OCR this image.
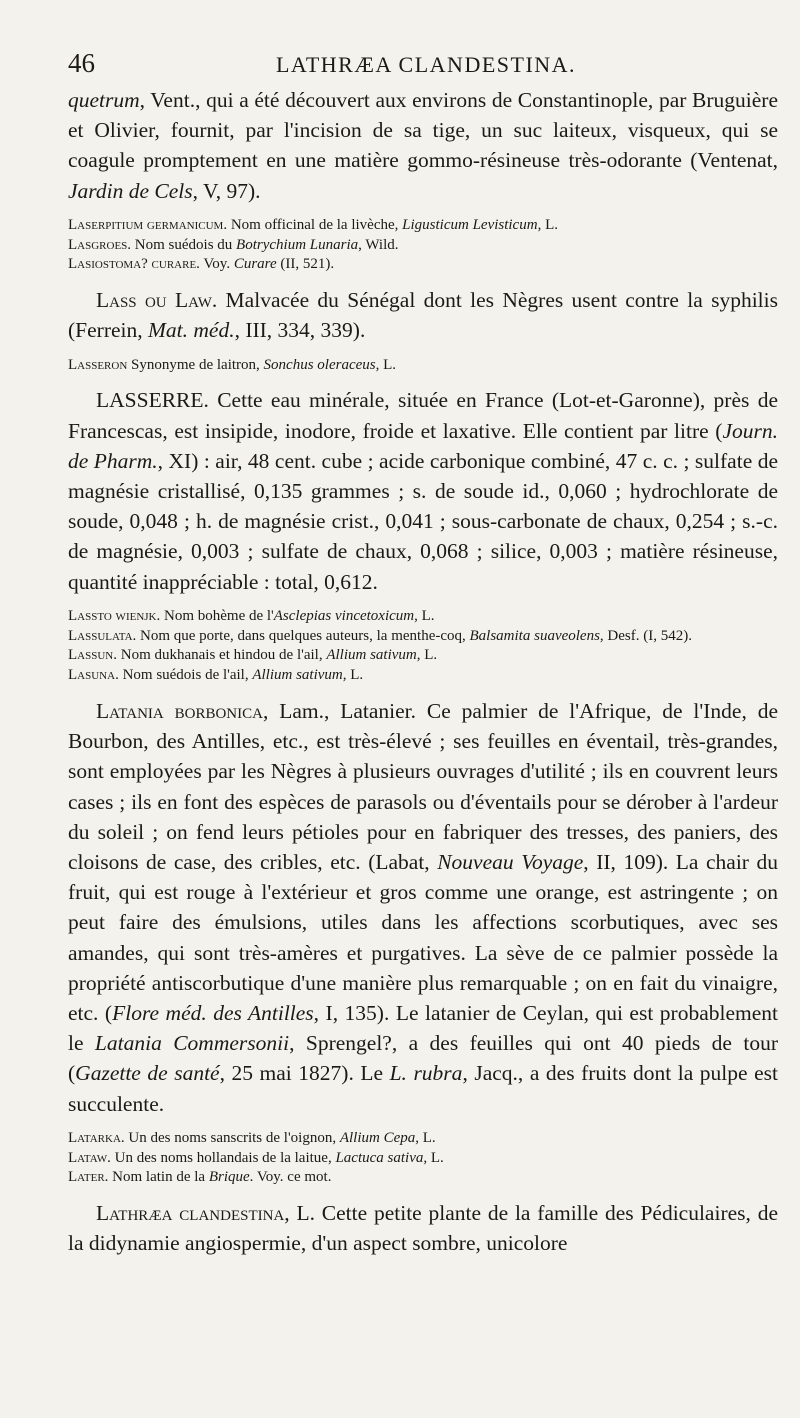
46	LATHRÆA CLANDESTINA.

quetrum, Vent., qui a été découvert aux environs de Constantinople, par Bruguière et Olivier, fournit, par l'incision de sa tige, un suc laiteux, visqueux, qui se coagule promptement en une matière gommo-résineuse très-odorante (Ventenat, Jardin de Cels, V, 97).

Laserpitium germanicum. Nom officinal de la livèche, Ligusticum Levisticum, L.

Lasgroes. Nom suédois du Botrychium Lunaria, Wild.

Lasiostoma? curare. Voy. Curare (II, 521).

Lass ou Law. Malvacée du Sénégal dont les Nègres usent contre la syphilis (Ferrein, Mat. méd., III, 334, 339).

Lasseron Synonyme de laitron, Sonchus oleraceus, L.

LASSERRE. Cette eau minérale, située en France (Lot-et-Garonne), près de Francescas, est insipide, inodore, froide et laxative. Elle contient par litre (Journ. de Pharm., XI) : air, 48 cent. cube ; acide carbonique combiné, 47 c. c. ; sulfate de magnésie cristallisé, 0,135 grammes ; s. de soude id., 0,060 ; hydrochlorate de soude, 0,048 ; h. de magnésie crist., 0,041 ; sous-carbonate de chaux, 0,254 ; s.-c. de magnésie, 0,003 ; sulfate de chaux, 0,068 ; silice, 0,003 ; matière résineuse, quantité inappréciable : total, 0,612.

Lassto wienjk. Nom bohème de l'Asclepias vincetoxicum, L.

Lassulata. Nom que porte, dans quelques auteurs, la menthe-coq, Balsamita suaveolens, Desf. (I, 542).

Lassun. Nom dukhanais et hindou de l'ail, Allium sativum, L.

Lasuna. Nom suédois de l'ail, Allium sativum, L.

Latania borbonica, Lam., Latanier. Ce palmier de l'Afrique, de l'Inde, de Bourbon, des Antilles, etc., est très-élevé ; ses feuilles en éventail, très-grandes, sont employées par les Nègres à plusieurs ouvrages d'utilité ; ils en couvrent leurs cases ; ils en font des espèces de parasols ou d'éventails pour se dérober à l'ardeur du soleil ; on fend leurs pétioles pour en fabriquer des tresses, des paniers, des cloisons de case, des cribles, etc. (Labat, Nouveau Voyage, II, 109). La chair du fruit, qui est rouge à l'extérieur et gros comme une orange, est astringente ; on peut faire des émulsions, utiles dans les affections scorbutiques, avec ses amandes, qui sont très-amères et purgatives. La sève de ce palmier possède la propriété antiscorbutique d'une manière plus remarquable ; on en fait du vinaigre, etc. (Flore méd. des Antilles, I, 135). Le latanier de Ceylan, qui est probablement le Latania Commersonii, Sprengel?, a des feuilles qui ont 40 pieds de tour (Gazette de santé, 25 mai 1827). Le L. rubra, Jacq., a des fruits dont la pulpe est succulente.

Latarka. Un des noms sanscrits de l'oignon, Allium Cepa, L.

Lataw. Un des noms hollandais de la laitue, Lactuca sativa, L.

Later. Nom latin de la Brique. Voy. ce mot.

Lathræa clandestina, L. Cette petite plante de la famille des Pédiculaires, de la didynamie angiospermie, d'un aspect sombre, unicolore
